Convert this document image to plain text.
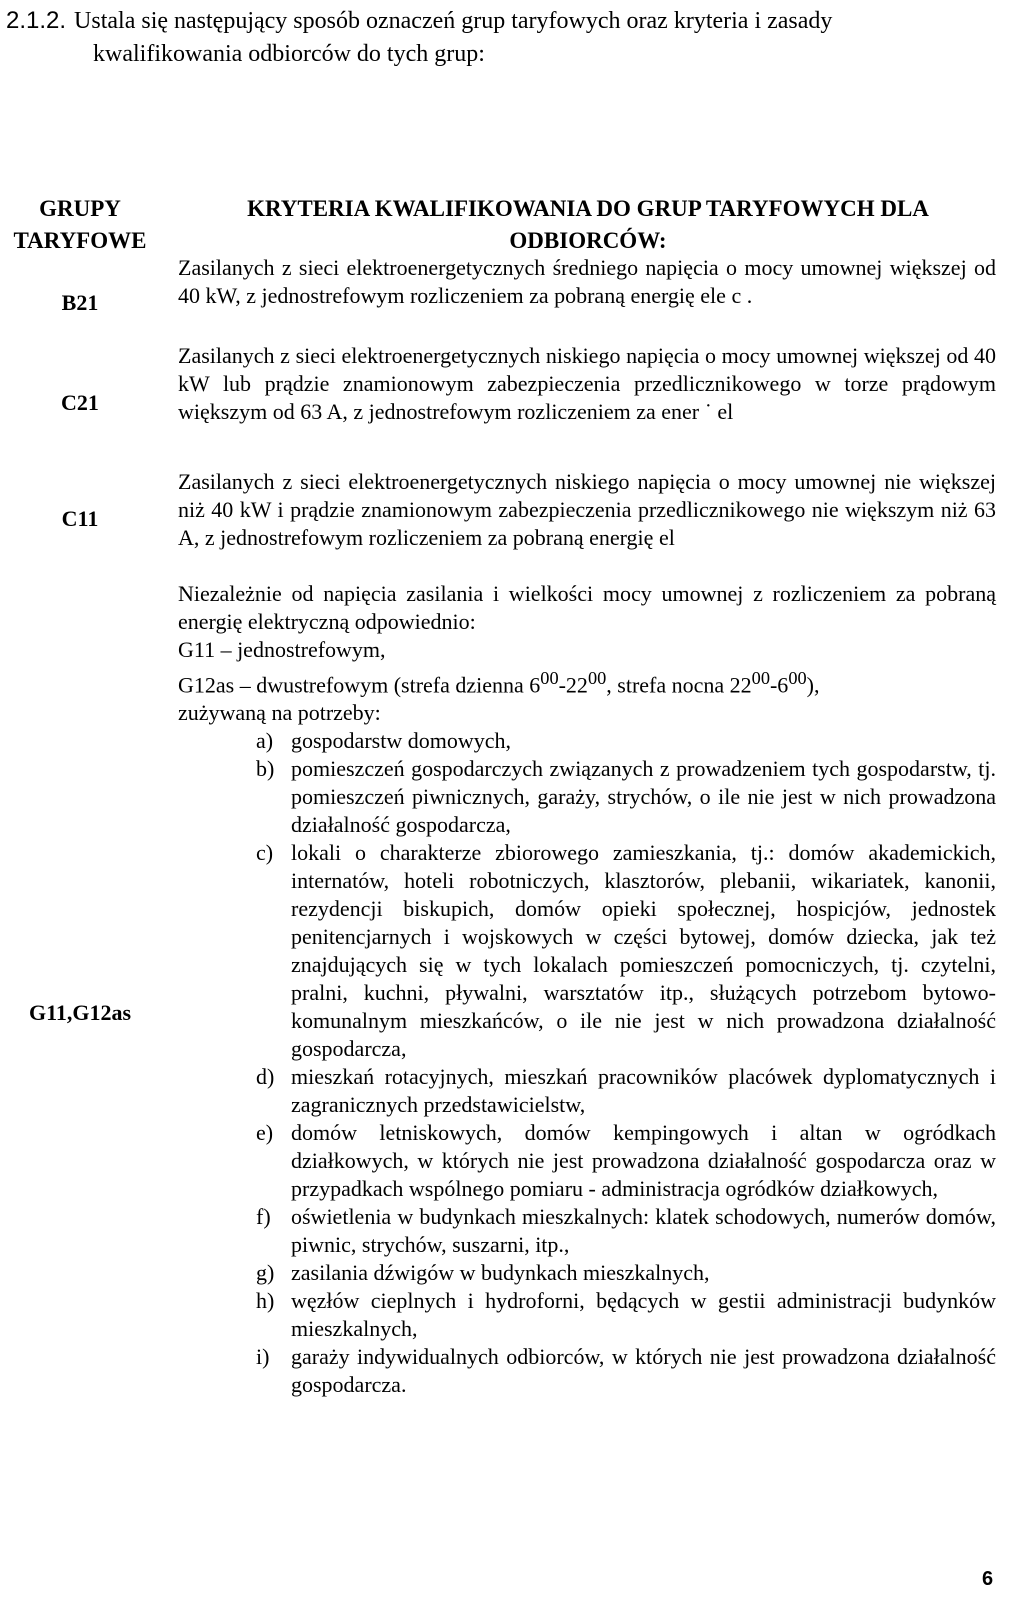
2.1.2. Ustala się następujący sposób oznaczeń grup taryfowych oraz kryteria i zasady
kwalifikowania odbiorców do tych grup:
GRUPY
TARYFOWE
KRYTERIA KWALIFIKOWANIA DO GRUP TARYFOWYCH DLA
ODBIORCÓW:
B21

Zasilanych z sieci elektroenergetycznych średniego napięcia o mocy umownej większej od 40 kW, z jednostrefowym rozliczeniem za pobraną energię ele c .

C21

Zasilanych z sieci elektroenergetycznych niskiego napięcia o mocy umownej większej od 40 kW lub prądzie znamionowym zabezpieczenia przedlicznikowego w torze prądowym większym od 63 A, z jednostrefowym rozliczeniem za ener ˙ el

C11

Zasilanych z sieci elektroenergetycznych niskiego napięcia o mocy umownej nie większej niż 40 kW i prądzie znamionowym zabezpieczenia przedlicznikowego nie większym niż 63 A, z jednostrefowym rozliczeniem za pobraną energię el

G11,G12as

Niezależnie od napięcia zasilania i wielkości mocy umownej z rozliczeniem za pobraną energię elektryczną odpowiednio:

G11 – jednostrefowym,

G12as – dwustrefowym (strefa dzienna $6^{00}-22^{00}$, strefa nocna $22^{00}-6^{00}$),

zużywaną na potrzeby:

a) gospodarstw domowych,
b) pomieszczeń gospodarczych związanych z prowadzeniem tych gospodarstw, tj. pomieszczeń piwnicznych, garaży, strychów, o ile nie jest w nich prowadzona działalność gospodarcza,
c) lokali o charakterze zbiorowego zamieszkania, tj.: domów akademickich, internatów, hoteli robotniczych, klasztorów, plebanii, wikariatek, kanonii, rezydencji biskupich, domów opieki społecznej, hospicjów, jednostek penitencjarnych i wojskowych w części bytowej, domów dziecka, jak też znajdujących się w tych lokalach pomieszczeń pomocniczych, tj. czytelni, pralni, kuchni, pływalni, warsztatów itp., służących potrzebom bytowo-komunalnym mieszkańców, o ile nie jest w nich prowadzona działalność gospodarcza,
d) mieszkań rotacyjnych, mieszkań pracowników placówek dyplomatycznych i zagranicznych przedstawicielstw,
e) domów letniskowych, domów kempingowych i altan w ogródkach działkowych, w których nie jest prowadzona działalność gospodarcza oraz w przypadkach wspólnego pomiaru - administracja ogródków działkowych,
f) oświetlenia w budynkach mieszkalnych: klatek schodowych, numerów domów, piwnic, strychów, suszarni, itp.,
g) zasilania dźwigów w budynkach mieszkalnych,
h) węzłów cieplnych i hydroforni, będących w gestii administracji budynków mieszkalnych,
i) garaży indywidualnych odbiorców, w których nie jest prowadzona działalność gospodarcza.
6
